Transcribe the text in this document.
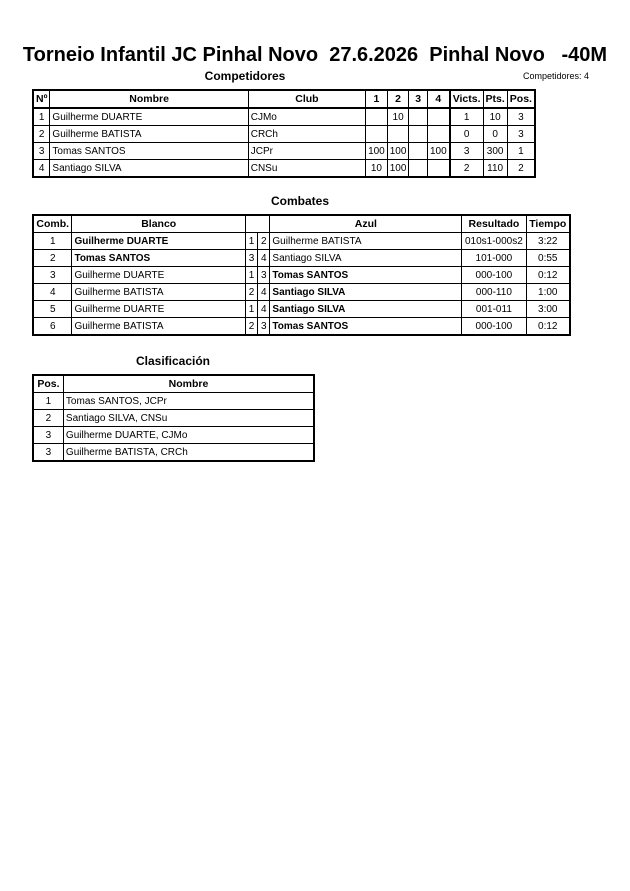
Torneio Infantil JC Pinhal Novo  27.6.2026  Pinhal Novo   -40M
Competidores	Competidores: 4
Nº	Nombre	Club	1	2	3	4	Victs.	Pts.	Pos.
1	Guilherme DUARTE	CJMo		10			1	10	3
2	Guilherme BATISTA	CRCh					0	0	3
3	Tomas SANTOS	JCPr	100	100		100	3	300	1
4	Santiago SILVA	CNSu	10	100			2	110	2
Combates
Comb.	Blanco			Azul	Resultado	Tiempo
1	Guilherme DUARTE	1	2	Guilherme BATISTA	010s1-000s2	3:22
2	Tomas SANTOS	3	4	Santiago SILVA	101-000	0:55
3	Guilherme DUARTE	1	3	Tomas SANTOS	000-100	0:12
4	Guilherme BATISTA	2	4	Santiago SILVA	000-110	1:00
5	Guilherme DUARTE	1	4	Santiago SILVA	001-011	3:00
6	Guilherme BATISTA	2	3	Tomas SANTOS	000-100	0:12
Clasificación
Pos.	Nombre
1	Tomas SANTOS, JCPr
2	Santiago SILVA, CNSu
3	Guilherme DUARTE, CJMo
3	Guilherme BATISTA, CRCh
